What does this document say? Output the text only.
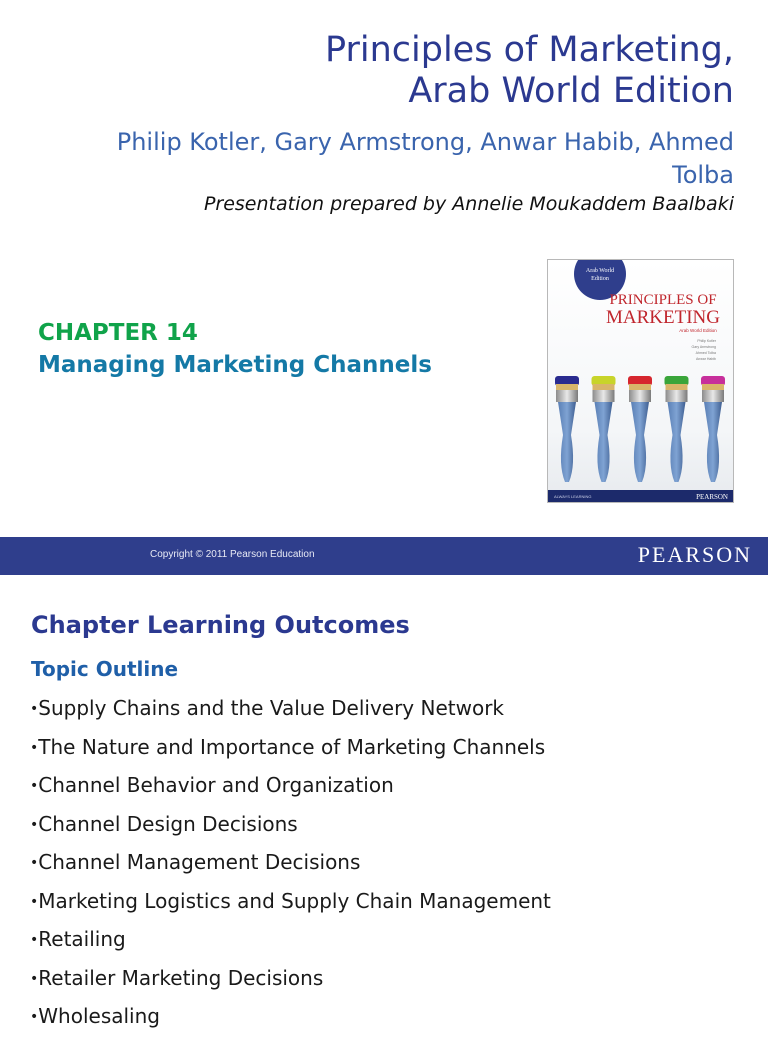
Principles of Marketing,
Arab World Edition
Philip Kotler, Gary Armstrong, Anwar Habib, Ahmed
Tolba
Presentation prepared by Annelie Moukaddem Baalbaki
CHAPTER 14
Managing Marketing Channels
Arab World
Edition
PRINCIPLES OF
MARKETING
Arab World Edition
Philip Kotler
Gary Armstrong
Ahmed Tolba
Anwar Habib
ALWAYS LEARNING	PEARSON
Copyright © 2011 Pearson Education	PEARSON
Chapter Learning Outcomes
Topic Outline
•Supply Chains and the Value Delivery Network
•The Nature and Importance of Marketing Channels
•Channel Behavior and Organization
•Channel Design Decisions
•Channel Management Decisions
•Marketing Logistics and Supply Chain Management
•Retailing
•Retailer Marketing Decisions
•Wholesaling
